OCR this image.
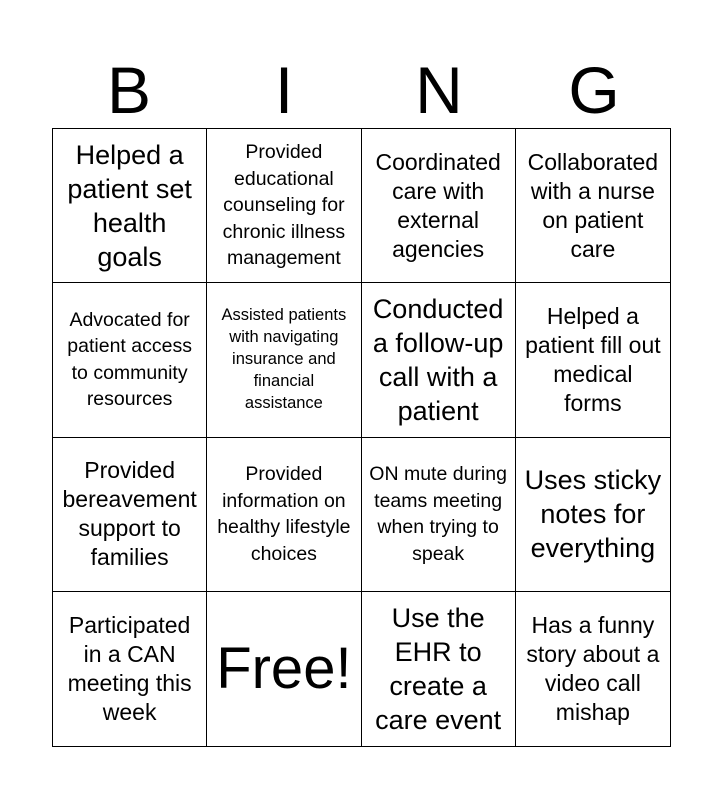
B	I	N	G
Helped a patient set health goals
Provided educational counseling for chronic illness management
Coordinated care with external agencies
Collaborated with a nurse on patient care
Advocated for patient access to community resources
Assisted patients with navigating insurance and financial assistance
Conducted a follow-up call with a patient
Helped a patient fill out medical forms
Provided bereavement support to families
Provided information on healthy lifestyle choices
ON mute during teams meeting when trying to speak
Uses sticky notes for everything
Participated in a CAN meeting this week
Free!
Use the EHR to create a care event
Has a funny story about a video call mishap
